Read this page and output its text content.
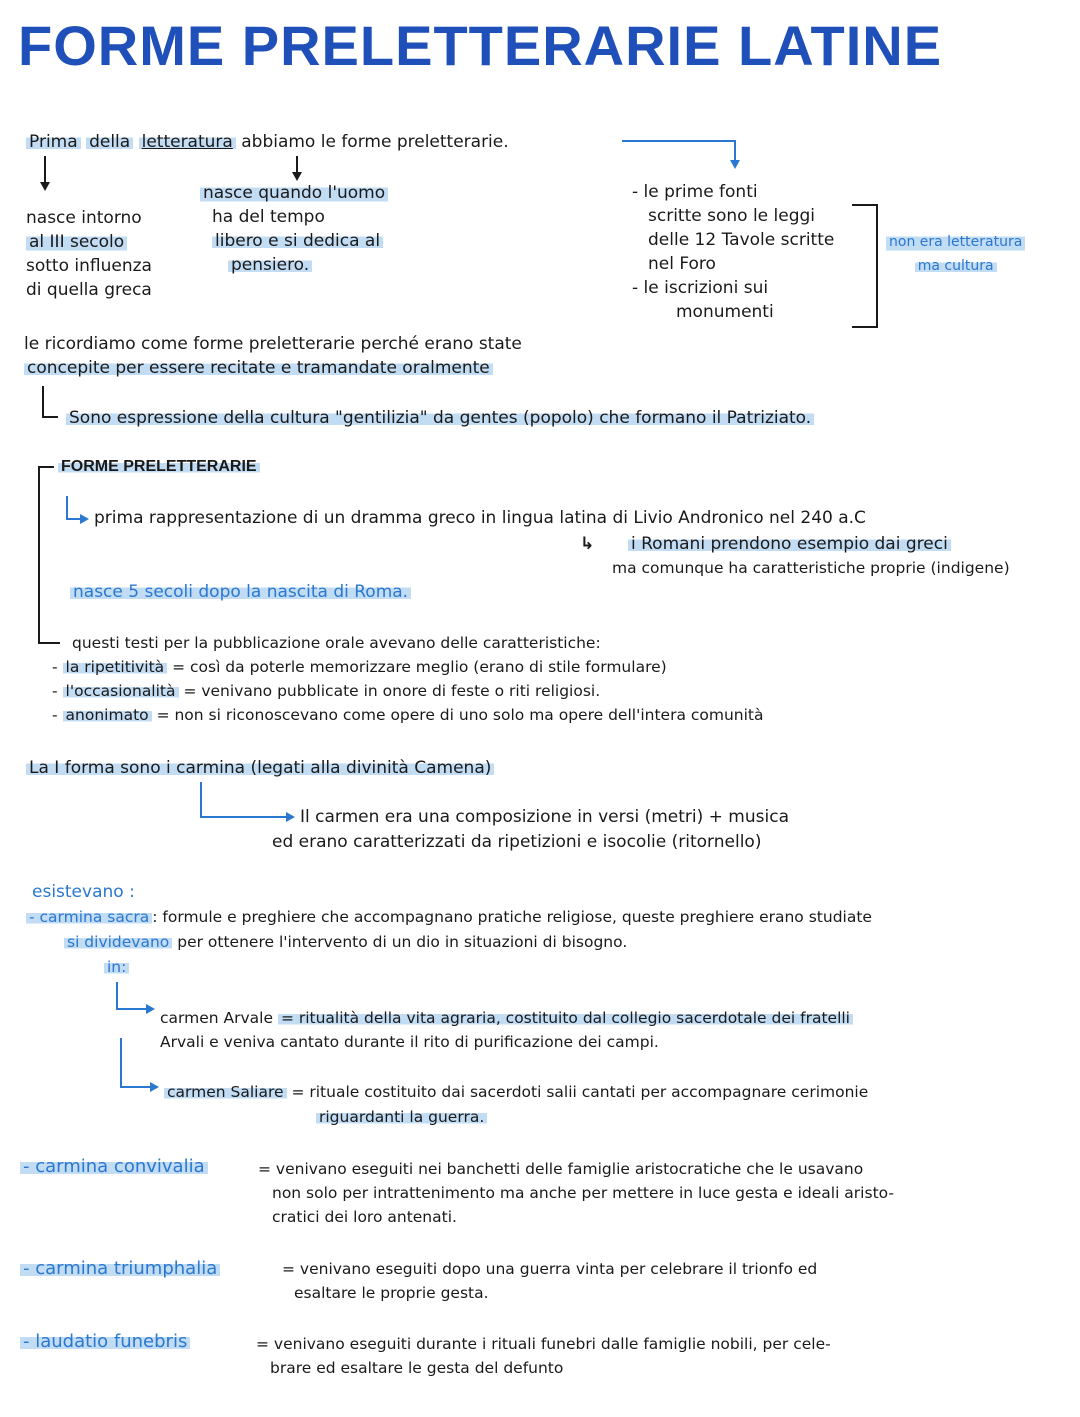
FORME PRELETTERARIE LATINE
Prima della letteratura abbiamo le forme preletterarie.
nasce intorno
al III secolo
sotto influenza
di quella greca
nasce quando l'uomo
ha del tempo
libero e si dedica al
pensiero.
- le prime fonti
scritte sono le leggi
delle 12 Tavole scritte
nel Foro
- le iscrizioni sui
monumenti
non era letteratura
ma cultura
le ricordiamo come forme preletterarie perché erano state
concepite per essere recitate e tramandate oralmente
Sono espressione della cultura "gentilizia" da gentes (popolo) che formano il Patriziato.
FORME PRELETTERARIE
prima rappresentazione di un dramma greco in lingua latina di Livio Andronico nel 240 a.C
↳ i Romani prendono esempio dai greci
ma comunque ha caratteristiche proprie (indigene)
nasce 5 secoli dopo la nascita di Roma.
questi testi per la pubblicazione orale avevano delle caratteristiche:
- la ripetitività = così da poterle memorizzare meglio (erano di stile formulare)
- l'occasionalità = venivano pubblicate in onore di feste o riti religiosi.
- anonimato = non si riconoscevano come opere di uno solo ma opere dell'intera comunità
La I forma sono i carmina (legati alla divinità Camena)
Il carmen era una composizione in versi (metri) + musica
ed erano caratterizzati da ripetizioni e isocolie (ritornello)
esistevano :
- carmina sacra : formule e preghiere che accompagnano pratiche religiose, queste preghiere erano studiate
si dividevano per ottenere l'intervento di un dio in situazioni di bisogno.
in:
carmen Arvale = ritualità della vita agraria, costituito dal collegio sacerdotale dei fratelli
Arvali e veniva cantato durante il rito di purificazione dei campi.
carmen Saliare = rituale costituito dai sacerdoti salii cantati per accompagnare cerimonie
riguardanti la guerra.
- carmina convivalia	= venivano eseguiti nei banchetti delle famiglie aristocratiche che le usavano
non solo per intrattenimento ma anche per mettere in luce gesta e ideali aristo-
cratici dei loro antenati.
- carmina triumphalia	= venivano eseguiti dopo una guerra vinta per celebrare il trionfo ed
esaltare le proprie gesta.
- laudatio funebris	= venivano eseguiti durante i rituali funebri dalle famiglie nobili, per cele-
brare ed esaltare le gesta del defunto
